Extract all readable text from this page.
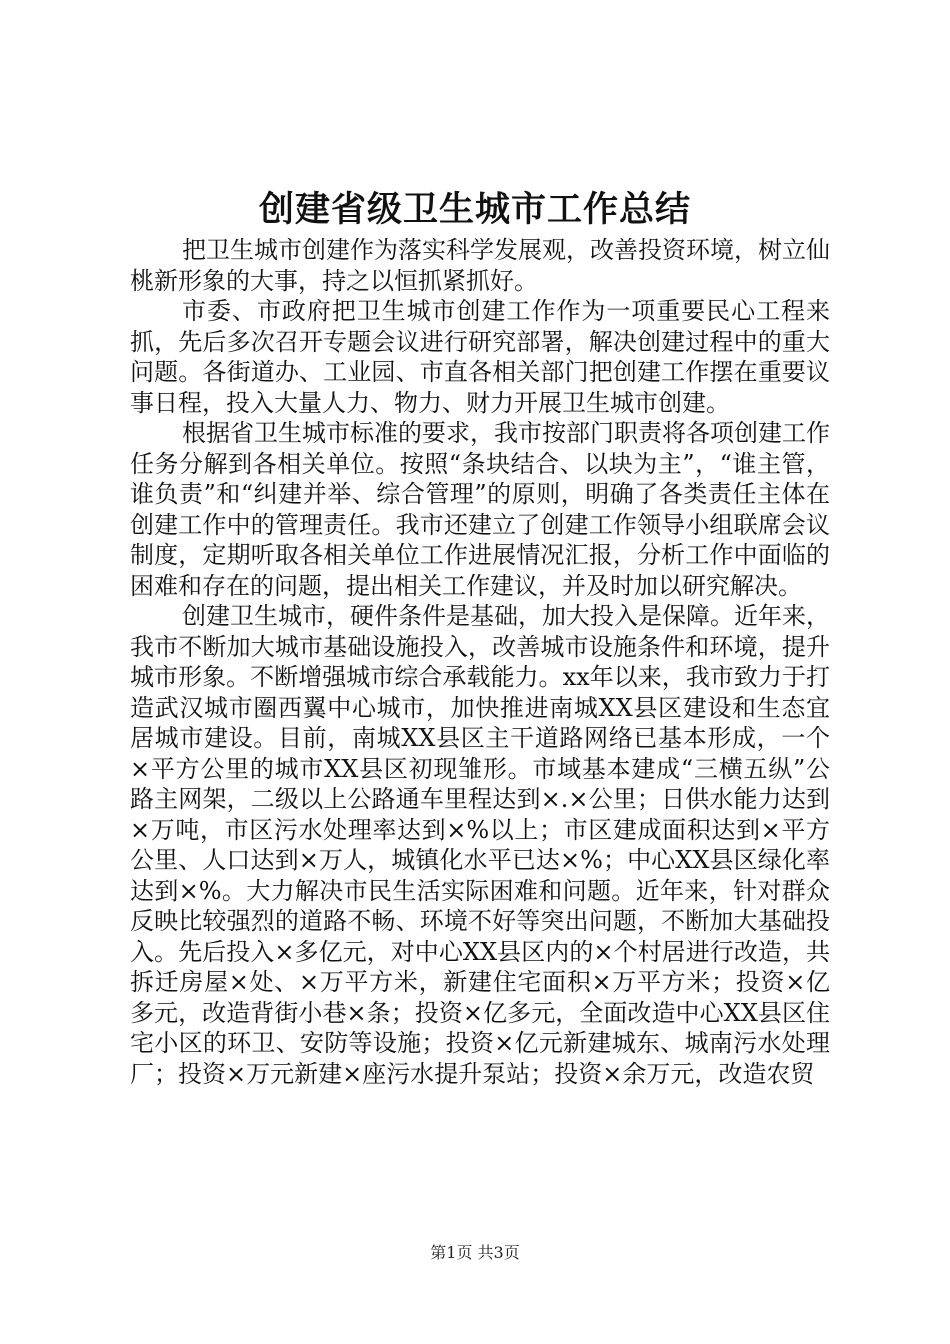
创建省级卫生城市工作总结

把卫生城市创建作为落实科学发展观，改善投资环境，树立仙桃新形象的大事，持之以恒抓紧抓好。

市委、市政府把卫生城市创建工作作为一项重要民心工程来抓，先后多次召开专题会议进行研究部署，解决创建过程中的重大问题。各街道办、工业园、市直各相关部门把创建工作摆在重要议事日程，投入大量人力、物力、财力开展卫生城市创建。

根据省卫生城市标准的要求，我市按部门职责将各项创建工作任务分解到各相关单位。按照“条块结合、以块为主”，“谁主管，谁负责”和“纠建并举、综合管理”的原则，明确了各类责任主体在创建工作中的管理责任。我市还建立了创建工作领导小组联席会议制度，定期听取各相关单位工作进展情况汇报，分析工作中面临的困难和存在的问题，提出相关工作建议，并及时加以研究解决。

创建卫生城市，硬件条件是基础，加大投入是保障。近年来，我市不断加大城市基础设施投入，改善城市设施条件和环境，提升城市形象。不断增强城市综合承载能力。xx年以来，我市致力于打造武汉城市圈西翼中心城市，加快推进南城XX县区建设和生态宜居城市建设。目前，南城XX县区主干道路网络已基本形成，一个×平方公里的城市XX县区初现雏形。市域基本建成“三横五纵”公路主网架，二级以上公路通车里程达到×.×公里；日供水能力达到×万吨，市区污水处理率达到×%以上；市区建成面积达到×平方公里、人口达到×万人，城镇化水平已达×%；中心XX县区绿化率达到×%。大力解决市民生活实际困难和问题。近年来，针对群众反映比较强烈的道路不畅、环境不好等突出问题，不断加大基础投入。先后投入×多亿元，对中心XX县区内的×个村居进行改造，共拆迁房屋×处、×万平方米，新建住宅面积×万平方米；投资×亿多元，改造背街小巷×条；投资×亿多元，全面改造中心XX县区住宅小区的环卫、安防等设施；投资×亿元新建城东、城南污水处理厂；投资×万元新建×座污水提升泵站；投资×余万元，改造农贸

第1页 共3页
